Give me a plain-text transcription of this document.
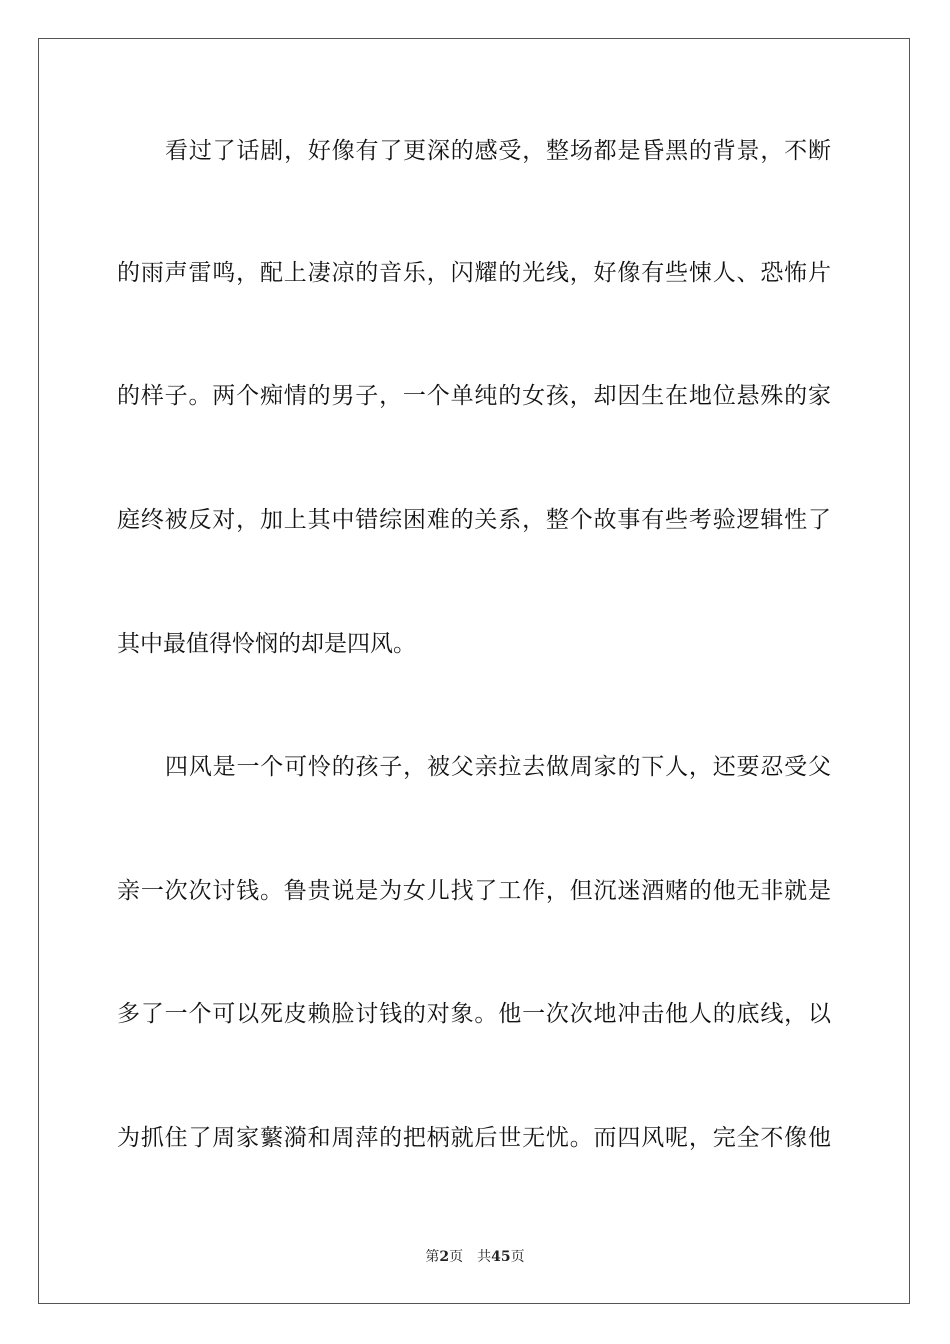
看过了话剧，好像有了更深的感受，整场都是昏黑的背景，不断
的雨声雷鸣，配上凄凉的音乐，闪耀的光线，好像有些悚人、恐怖片
的样子。两个痴情的男子，一个单纯的女孩，却因生在地位悬殊的家
庭终被反对，加上其中错综困难的关系，整个故事有些考验逻辑性了
其中最值得怜悯的却是四风。
四风是一个可怜的孩子，被父亲拉去做周家的下人，还要忍受父
亲一次次讨钱。鲁贵说是为女儿找了工作，但沉迷酒赌的他无非就是
多了一个可以死皮赖脸讨钱的对象。他一次次地冲击他人的底线，以
为抓住了周家蘩漪和周萍的把柄就后世无忧。而四风呢，完全不像他
第2页 共45页
